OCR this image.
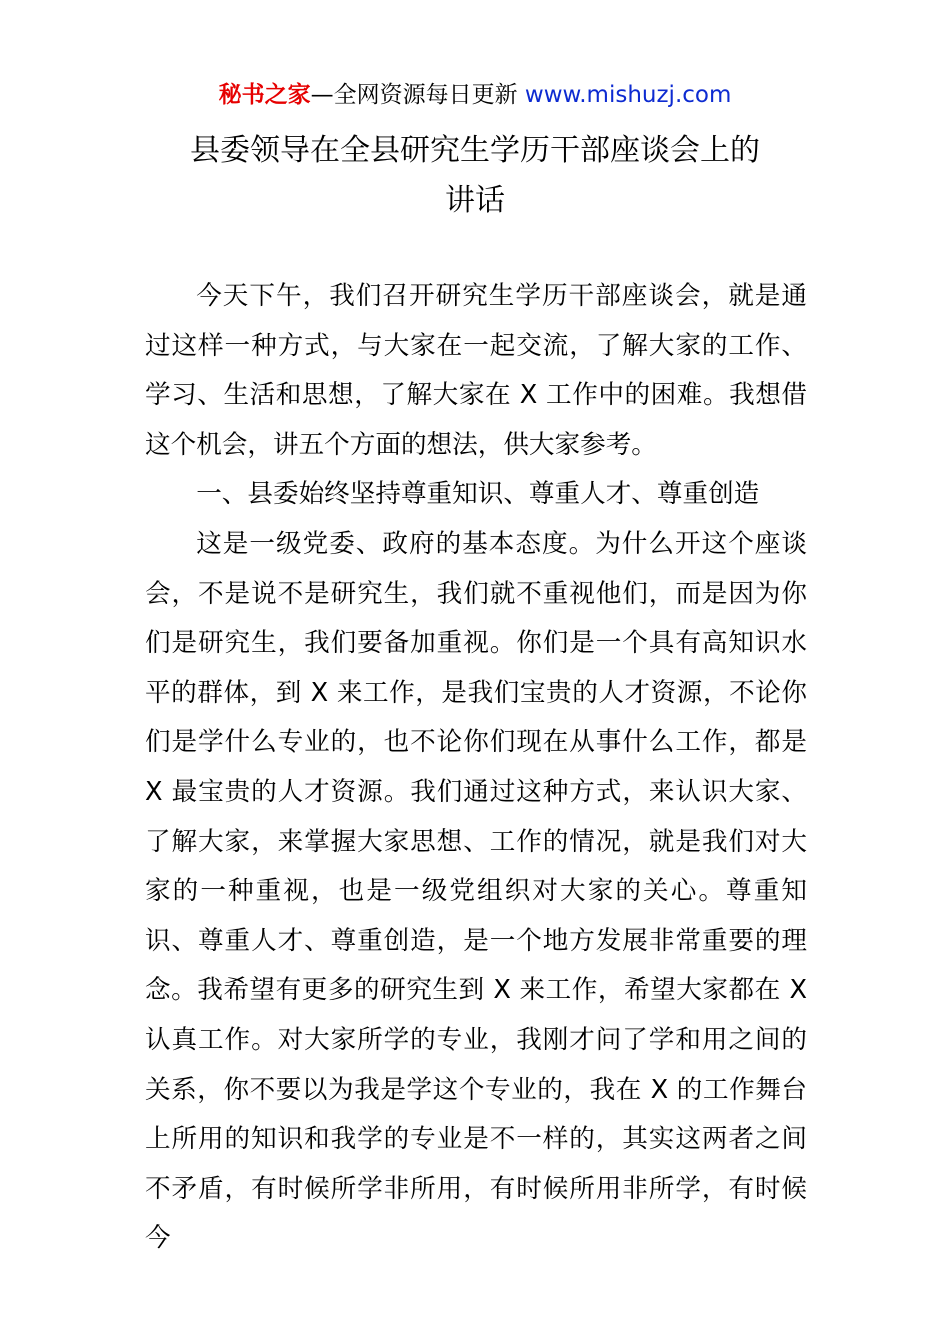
秘书之家—全网资源每日更新 www.mishuzj.com
县委领导在全县研究生学历干部座谈会上的
讲话

今天下午，我们召开研究生学历干部座谈会，就是通过这样一种方式，与大家在一起交流，了解大家的工作、学习、生活和思想，了解大家在 X 工作中的困难。我想借这个机会，讲五个方面的想法，供大家参考。

一、县委始终坚持尊重知识、尊重人才、尊重创造

这是一级党委、政府的基本态度。为什么开这个座谈会，不是说不是研究生，我们就不重视他们，而是因为你们是研究生，我们要备加重视。你们是一个具有高知识水平的群体，到 X 来工作，是我们宝贵的人才资源，不论你们是学什么专业的，也不论你们现在从事什么工作，都是 X 最宝贵的人才资源。我们通过这种方式，来认识大家、了解大家，来掌握大家思想、工作的情况，就是我们对大家的一种重视，也是一级党组织对大家的关心。尊重知识、尊重人才、尊重创造，是一个地方发展非常重要的理念。我希望有更多的研究生到 X 来工作，希望大家都在 X 认真工作。对大家所学的专业，我刚才问了学和用之间的关系，你不要以为我是学这个专业的，我在 X 的工作舞台上所用的知识和我学的专业是不一样的，其实这两者之间不矛盾，有时候所学非所用，有时候所用非所学，有时候今
